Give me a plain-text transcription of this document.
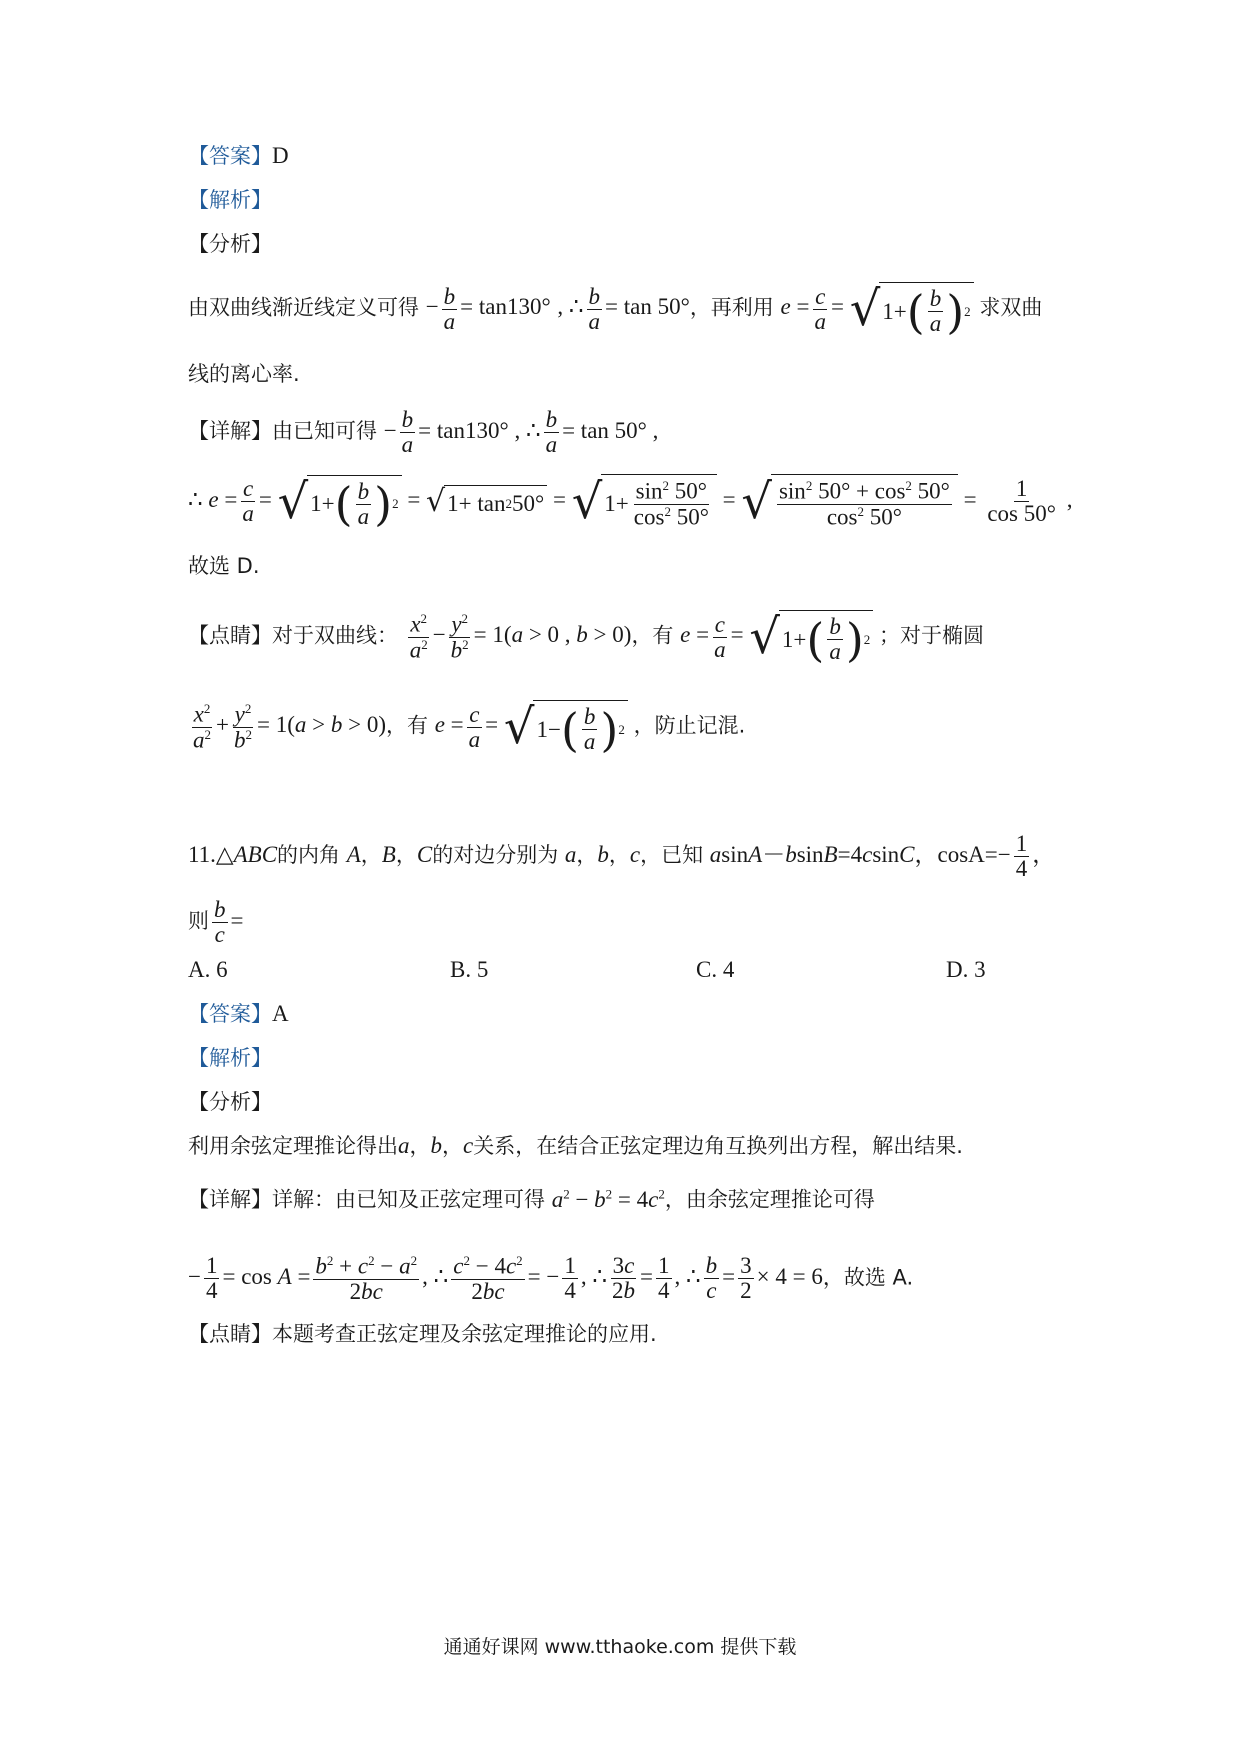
【答案】D
【解析】
【分析】
由双曲线渐近线定义可得 − $\frac{b}{a} = \tan 130^\circ$ , ∴ $\frac{b}{a} = \tan 50^\circ$，再利用 $e = \frac{c}{a}$ = √ 1+ ( $\frac{b}{a}$ ) 2 求双曲
线的离心率.
【详解】由已知可得 − $\frac{b}{a} = \tan 130^\circ$ , ∴ $\frac{b}{a} = \tan 50^\circ$ ,
∴ $e = \frac{c}{a}$ = √ 1+ ( $\frac{b}{a}$ ) 2 = √ 1+ tan 2 50° = √ $1+ \frac{\sin^2 50^\circ}{\cos^2 50^\circ}$ = √ $\frac{\sin^2 50^\circ + \cos^2 50^\circ}{\cos^2 50^\circ} = \frac{1}{\cos 50^\circ}$ ,
故选 D.
【点睛】对于双曲线： $\frac{x^2}{a^2} - \frac{y^2}{b^2} = 1(a > 0$ , b > 0)，有 $e = \frac{c}{a}$ = √ 1+ ( $\frac{b}{a}$ ) 2 ；对于椭圆
$\frac{x^2}{a^2} + \frac{y^2}{b^2} = 1(a > b > 0)$，有 $e = \frac{c}{a}$ = √ 1− ( $\frac{b}{a}$ ) 2 ，防止记混.
11.△ABC的内角 A，B，C的对边分别为 a，b，c，已知 asinA－bsinB=4csinC，$\cos A=- \frac{1}{4}$ ，
则 $\frac{b}{c}$ =
A. 6	B. 5	C. 4	D. 3
【答案】A
【解析】
【分析】
利用余弦定理推论得出a，b，c关系，在结合正弦定理边角互换列出方程，解出结果.
【详解】详解：由已知及正弦定理可得 $a^2 - b^2 = 4c^2$，由余弦定理推论可得
− $\frac{1}{4} = \cos A = \frac{b^2 + c^2 - a^2}{2bc}$ , ∴ $\frac{c^2 - 4c^2}{2bc}$ = − $\frac{1}{4}$ , ∴ $\frac{3c}{2b} = \frac{1}{4}$ , ∴ $\frac{b}{c} = \frac{3}{2} \times 4 = 6$，故选 A.
【点睛】本题考查正弦定理及余弦定理推论的应用.
通通好课网 www.tthaoke.com 提供下载
